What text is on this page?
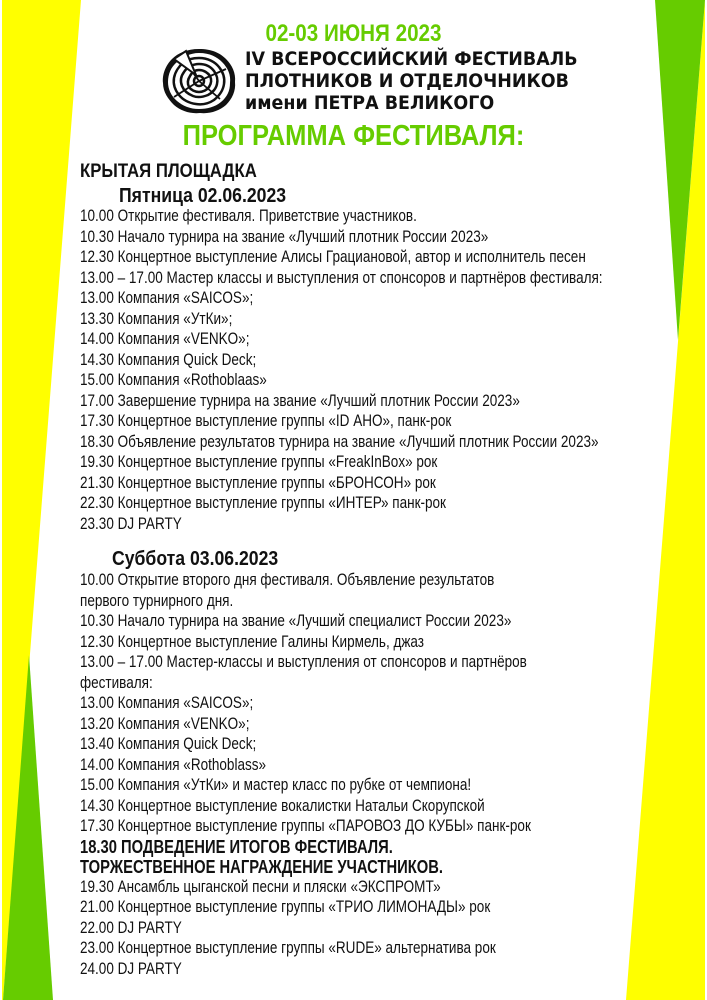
02-03 ИЮНЯ 2023
IV ВСЕРОССИЙСКИЙ ФЕСТИВАЛЬ
ПЛОТНИКОВ И ОТДЕЛОЧНИКОВ
имени ПЕТРА ВЕЛИКОГО
ПРОГРАММА ФЕСТИВАЛЯ:
КРЫТАЯ ПЛОЩАДКА
Пятница 02.06.2023
10.00 Открытие фестиваля. Приветствие участников.
10.30 Начало турнира на звание «Лучший плотник России 2023»
12.30 Концертное выступление Алисы Грациановой, автор и исполнитель песен
13.00 – 17.00 Мастер классы и выступления от спонсоров и партнёров фестиваля:
13.00 Компания «SAICOS»;
13.30 Компания «УтКи»;
14.00 Компания «VENKO»;
14.30 Компания Quick Deck;
15.00 Компания «Rothoblaas»
17.00 Завершение турнира на звание «Лучший плотник России 2023»
17.30 Концертное выступление группы «ID АНО», панк-рок
18.30 Объявление результатов турнира на звание «Лучший плотник России 2023»
19.30 Концертное выступление группы «FreakInBox» рок
21.30 Концертное выступление группы «БРОНСОН» рок
22.30 Концертное выступление группы «ИНТЕР» панк-рок
23.30 DJ PARTY
Суббота 03.06.2023
10.00 Открытие второго дня фестиваля. Объявление результатов
первого турнирного дня.
10.30 Начало турнира на звание «Лучший специалист России 2023»
12.30 Концертное выступление Галины Кирмель, джаз
13.00 – 17.00 Мастер-классы и выступления от спонсоров и партнёров
фестиваля:
13.00 Компания «SAICOS»;
13.20 Компания «VENKO»;
13.40 Компания Quick Deck;
14.00 Компания «Rothoblass»
15.00 Компания «УтКи» и мастер класс по рубке от чемпиона!
14.30 Концертное выступление вокалистки Натальи Скорупской
17.30 Концертное выступление группы «ПАРОВОЗ ДО КУБЫ» панк-рок
18.30 ПОДВЕДЕНИЕ ИТОГОВ ФЕСТИВАЛЯ.
ТОРЖЕСТВЕННОЕ НАГРАЖДЕНИЕ УЧАСТНИКОВ.
19.30 Ансамбль цыганской песни и пляски «ЭКСПРОМТ»
21.00 Концертное выступление группы «ТРИО ЛИМОНАДЫ» рок
22.00 DJ PARTY
23.00 Концертное выступление группы «RUDE» альтернатива рок
24.00 DJ PARTY
